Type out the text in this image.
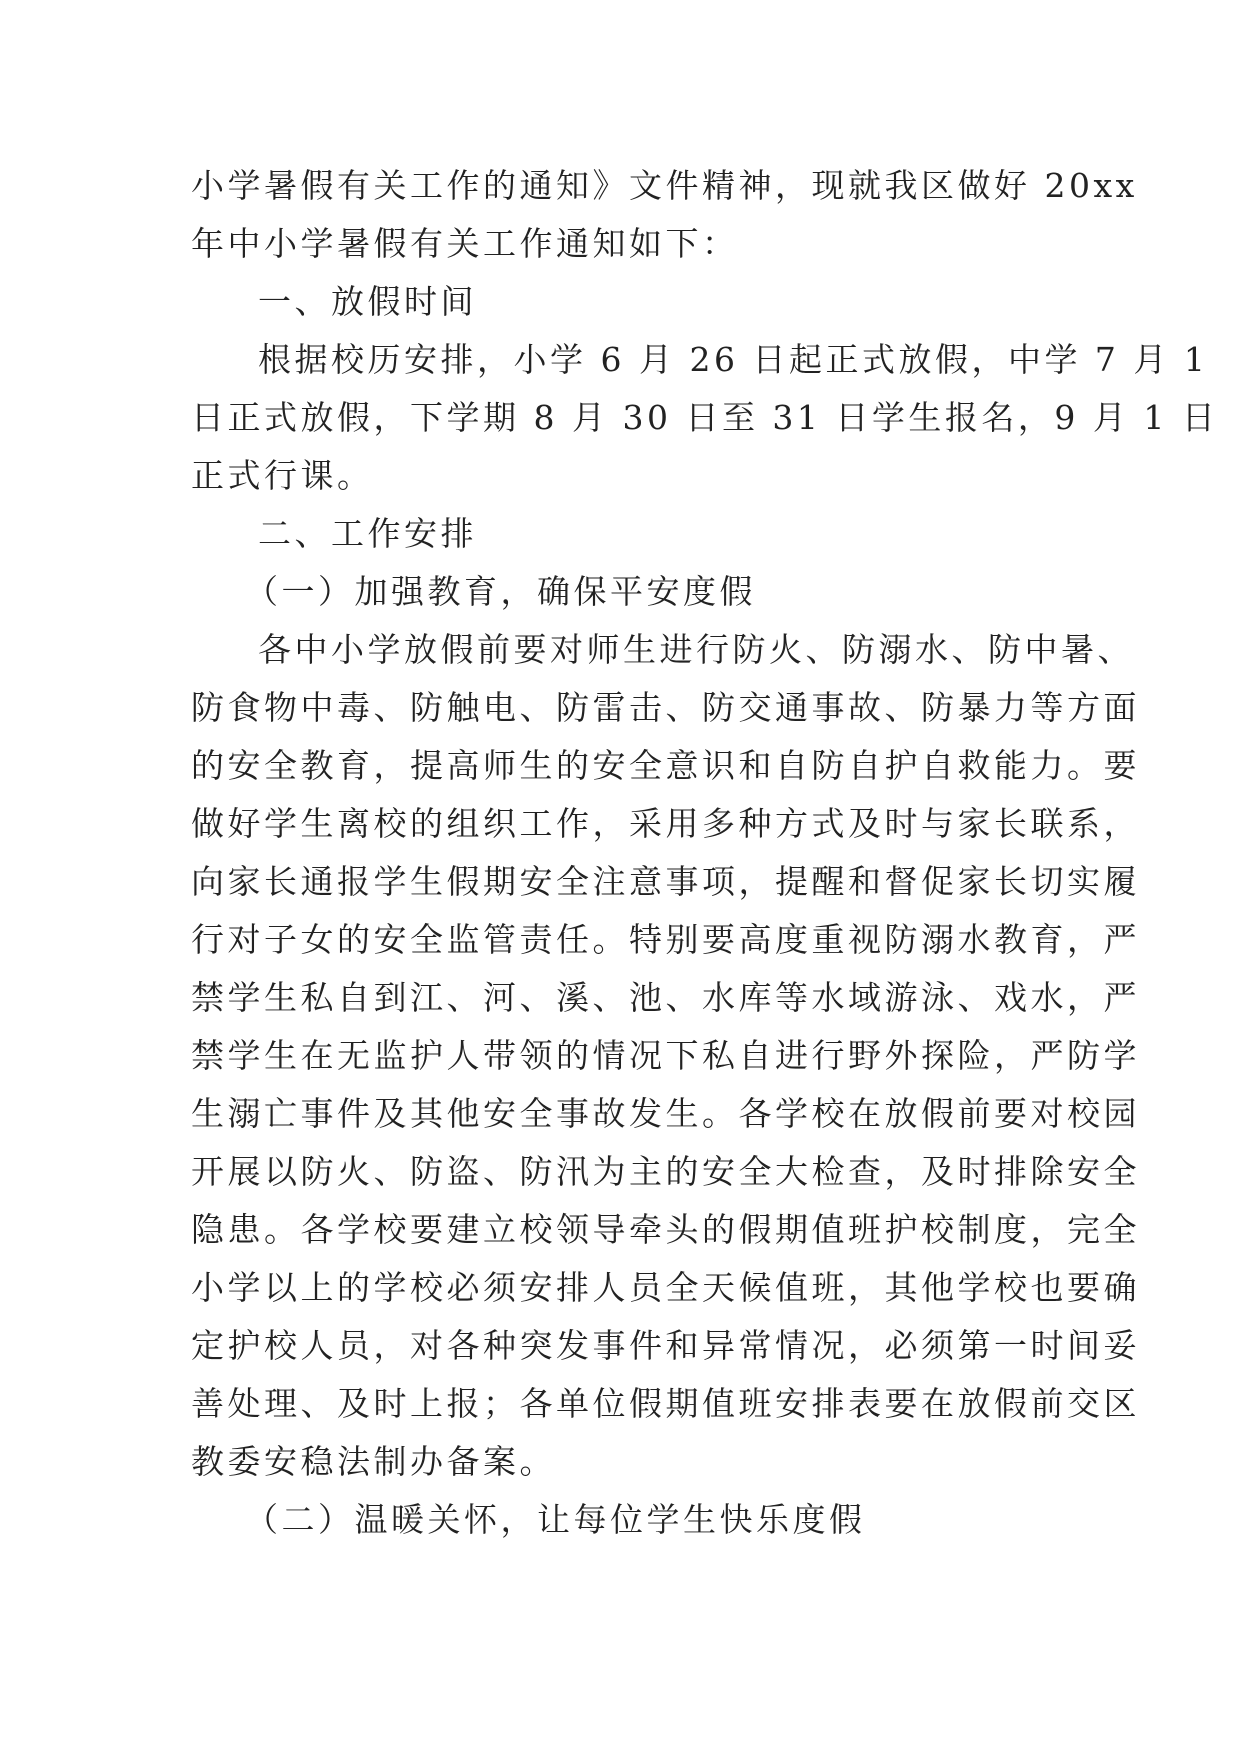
小学暑假有关工作的通知》文件精神，现就我区做好 20xx
年中小学暑假有关工作通知如下：
一、放假时间
根据校历安排，小学 6 月 26 日起正式放假，中学 7 月 1
日正式放假，下学期 8 月 30 日至 31 日学生报名，9 月 1 日
正式行课。
二、工作安排
（一）加强教育，确保平安度假
各中小学放假前要对师生进行防火、防溺水、防中暑、
防食物中毒、防触电、防雷击、防交通事故、防暴力等方面
的安全教育，提高师生的安全意识和自防自护自救能力。要
做好学生离校的组织工作，采用多种方式及时与家长联系，
向家长通报学生假期安全注意事项，提醒和督促家长切实履
行对子女的安全监管责任。特别要高度重视防溺水教育，严
禁学生私自到江、河、溪、池、水库等水域游泳、戏水，严
禁学生在无监护人带领的情况下私自进行野外探险，严防学
生溺亡事件及其他安全事故发生。各学校在放假前要对校园
开展以防火、防盗、防汛为主的安全大检查，及时排除安全
隐患。各学校要建立校领导牵头的假期值班护校制度，完全
小学以上的学校必须安排人员全天候值班，其他学校也要确
定护校人员，对各种突发事件和异常情况，必须第一时间妥
善处理、及时上报；各单位假期值班安排表要在放假前交区
教委安稳法制办备案。
（二）温暖关怀，让每位学生快乐度假
